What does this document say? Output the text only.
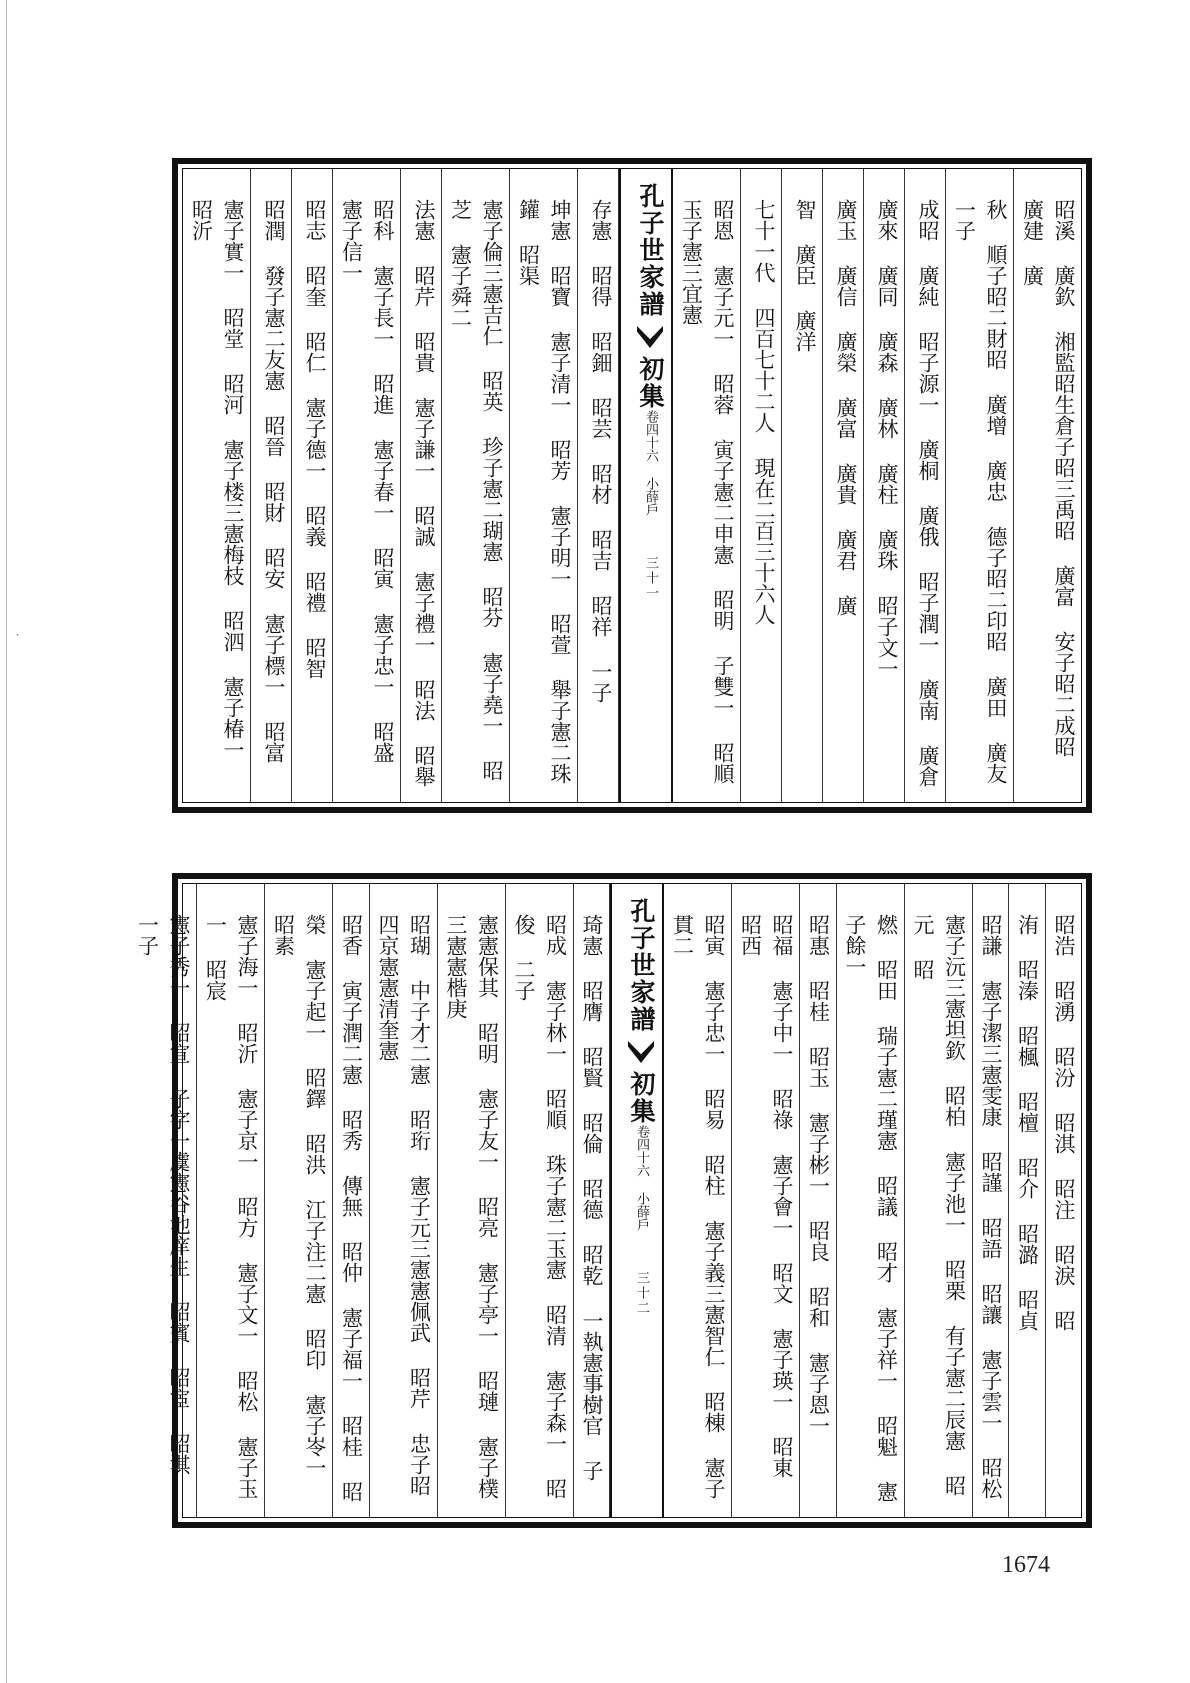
・	昭溪 廣欽 湘監昭生倉子昭三禹昭 廣富 安子昭二成昭 廣建 廣
秋 順子昭二財昭 廣增 廣忠 德子昭二印昭 廣田 廣友 一子
成昭 廣純 昭子源一 廣桐 廣俄 昭子潤一 廣南 廣倉
廣來 廣同 廣森 廣林 廣柱 廣珠 昭子文一
廣玉 廣信 廣榮 廣富 廣貴 廣君 廣
智 廣臣 廣洋
七十一代 四百七十二人 現在二百三十六人
昭恩 憲子元一 昭蓉 寅子憲二申憲 昭明 子雙一 昭順 玉子憲三宜憲
孔子世家譜初集卷四十六 小薛戶三十一
存憲 昭得 昭鈿 昭芸 昭材 昭吉 昭祥 一子
坤憲 昭寶 憲子清一 昭芳 憲子明一 昭萱 舉子憲二珠鑵 昭渠
憲子倫三憲吉仁 昭英 珍子憲二瑚憲 昭芬 憲子堯一 昭芝 憲子舜二
法憲 昭芹 昭貴 憲子謙一 昭誠 憲子禮一 昭法 昭舉
昭科 憲子長一 昭進 憲子春一 昭寅 憲子忠一 昭盛 憲子信一
昭志 昭奎 昭仁 憲子德一 昭義 昭禮 昭智
昭潤 發子憲二友憲 昭晉 昭財 昭安 憲子標一 昭富
憲子實一 昭堂 昭河 憲子楼三憲梅枝 昭泗 憲子椿一 昭沂
昭浩 昭湧 昭汾 昭淇 昭注 昭淚 昭
洧 昭溱 昭楓 昭檀 昭介 昭潞 昭貞
昭謙 憲子潔三憲雯康 昭謹 昭語 昭讓 憲子雲一 昭松
憲子沅三憲坦欽 昭柏 憲子池一 昭栗 有子憲二辰憲 昭元 昭
燃 昭田 瑞子憲二瑾憲 昭議 昭才 憲子祥一 昭魁 憲子餘一
昭惠 昭桂 昭玉 憲子彬一 昭良 昭和 憲子恩一
昭福 憲子中一 昭祿 憲子會一 昭文 憲子瑛一 昭東 昭西
昭寅 憲子忠一 昭易 昭柱 憲子義三憲智仁 昭棟 憲子貫二
孔子世家譜初集卷四十六 小薛戶三十二
琦憲 昭膺 昭賢 昭倫 昭德 昭乾 一執憲事樹官 子
昭成 憲子林一 昭順 珠子憲二玉憲 昭清 憲子森一 昭俊 二子
憲憲保其 昭明 憲子友一 昭亮 憲子亭一 昭璉 憲子樸三憲憲楷庚
昭瑚 中子才二憲 昭珩 憲子元三憲憲佩武 昭芹 忠子昭四京憲憲清奎憲
昭香 寅子潤二憲 昭秀 傳無 昭仲 憲子福一 昭桂 昭
榮 憲子起一 昭鐸 昭洪 江子注二憲 昭印 憲子岺一 昭素
憲子海一 昭沂 憲子京一 昭方 憲子文一 昭松 憲子玉一 昭宸
憲子秀一 昭宣 子字一虞憲谷池庠生 昭賓 昭宦 昭淇 一子
1674
